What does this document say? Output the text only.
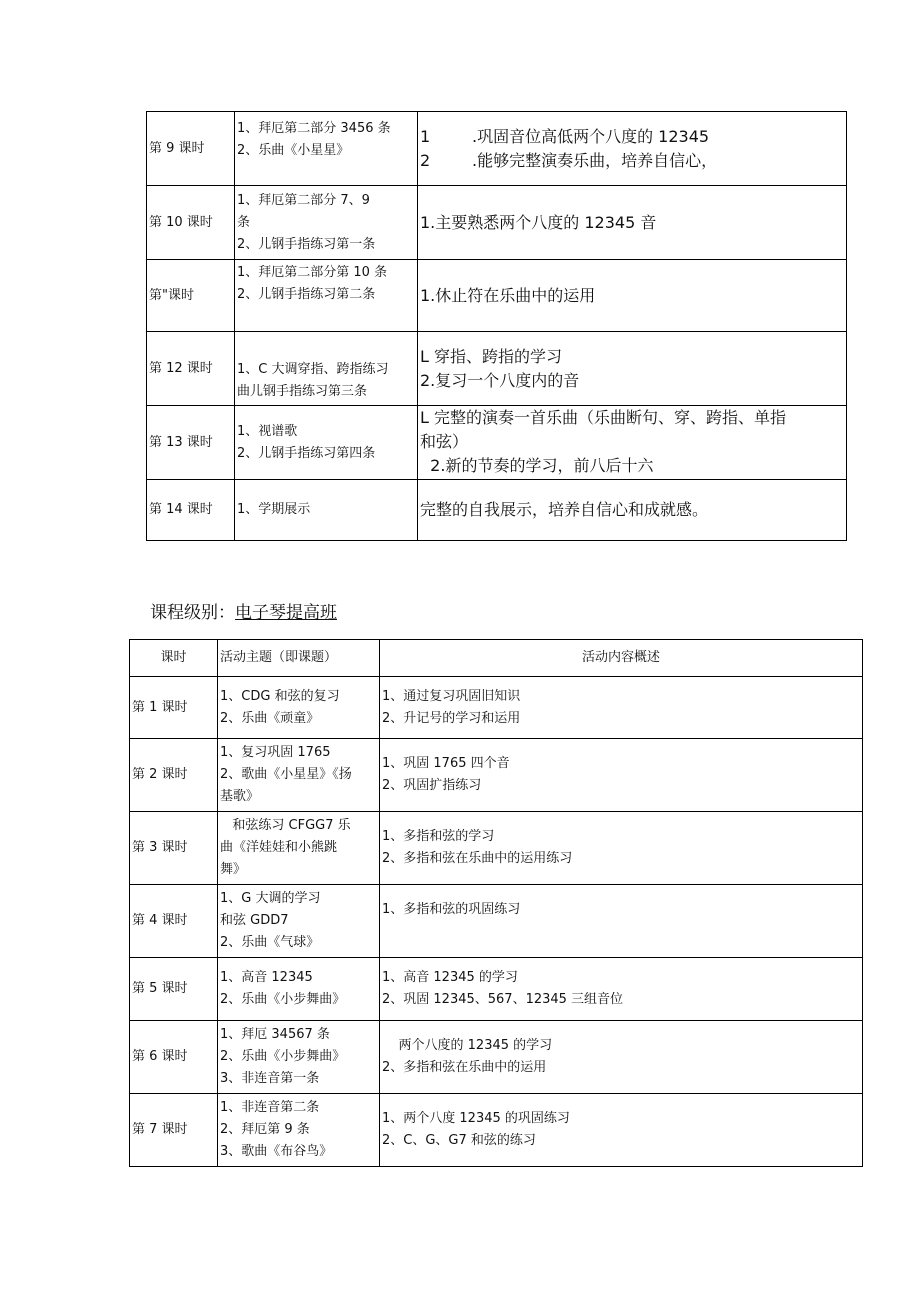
第 9 课时	1、拜厄第二部分 3456 条
2、乐曲《小星星》	1 .巩固音位高低两个八度的 12345
2 .能够完整演奏乐曲，培养自信心，

第 10 课时	1、拜厄第二部分 7、9
条
2、儿钢手指练习第一条	1.主要熟悉两个八度的 12345 音

第"课时	1、拜厄第二部分第 10 条
2、儿钢手指练习第二条	1.休止符在乐曲中的运用

第 12 课时	1、C 大调穿指、跨指练习
曲儿钢手指练习第三条	L 穿指、跨指的学习
2.复习一个八度内的音

第 13 课时	1、视谱歌
2、儿钢手指练习第四条	L 完整的演奏一首乐曲（乐曲断句、穿、跨指、单指
和弦）
2.新的节奏的学习，前八后十六

第 14 课时	1、学期展示	完整的自我展示，培养自信心和成就感。
课程级别：电子琴提高班
课时	活动主题（即课题）	活动内容概述
第 1 课时	1、CDG 和弦的复习
2、乐曲《顽童》	1、通过复习巩固旧知识
2、升记号的学习和运用

第 2 课时	1、复习巩固 1765
2、歌曲《小星星》《扬
基歌》	1、巩固 1765 四个音
2、巩固扩指练习

第 3 课时	和弦练习 CFGG7 乐
曲《洋娃娃和小熊跳
舞》	1、多指和弦的学习
2、多指和弦在乐曲中的运用练习

第 4 课时	1、G 大调的学习
和弦 GDD7
2、乐曲《气球》	1、多指和弦的巩固练习

第 5 课时	1、高音 12345
2、乐曲《小步舞曲》	1、高音 12345 的学习
2、巩固 12345、567、12345 三组音位

第 6 课时	1、拜厄 34567 条
2、乐曲《小步舞曲》
3、非连音第一条	两个八度的 12345 的学习
2、多指和弦在乐曲中的运用

第 7 课时	1、非连音第二条
2、拜厄第 9 条
3、歌曲《布谷鸟》	1、两个八度 12345 的巩固练习
2、C、G、G7 和弦的练习
